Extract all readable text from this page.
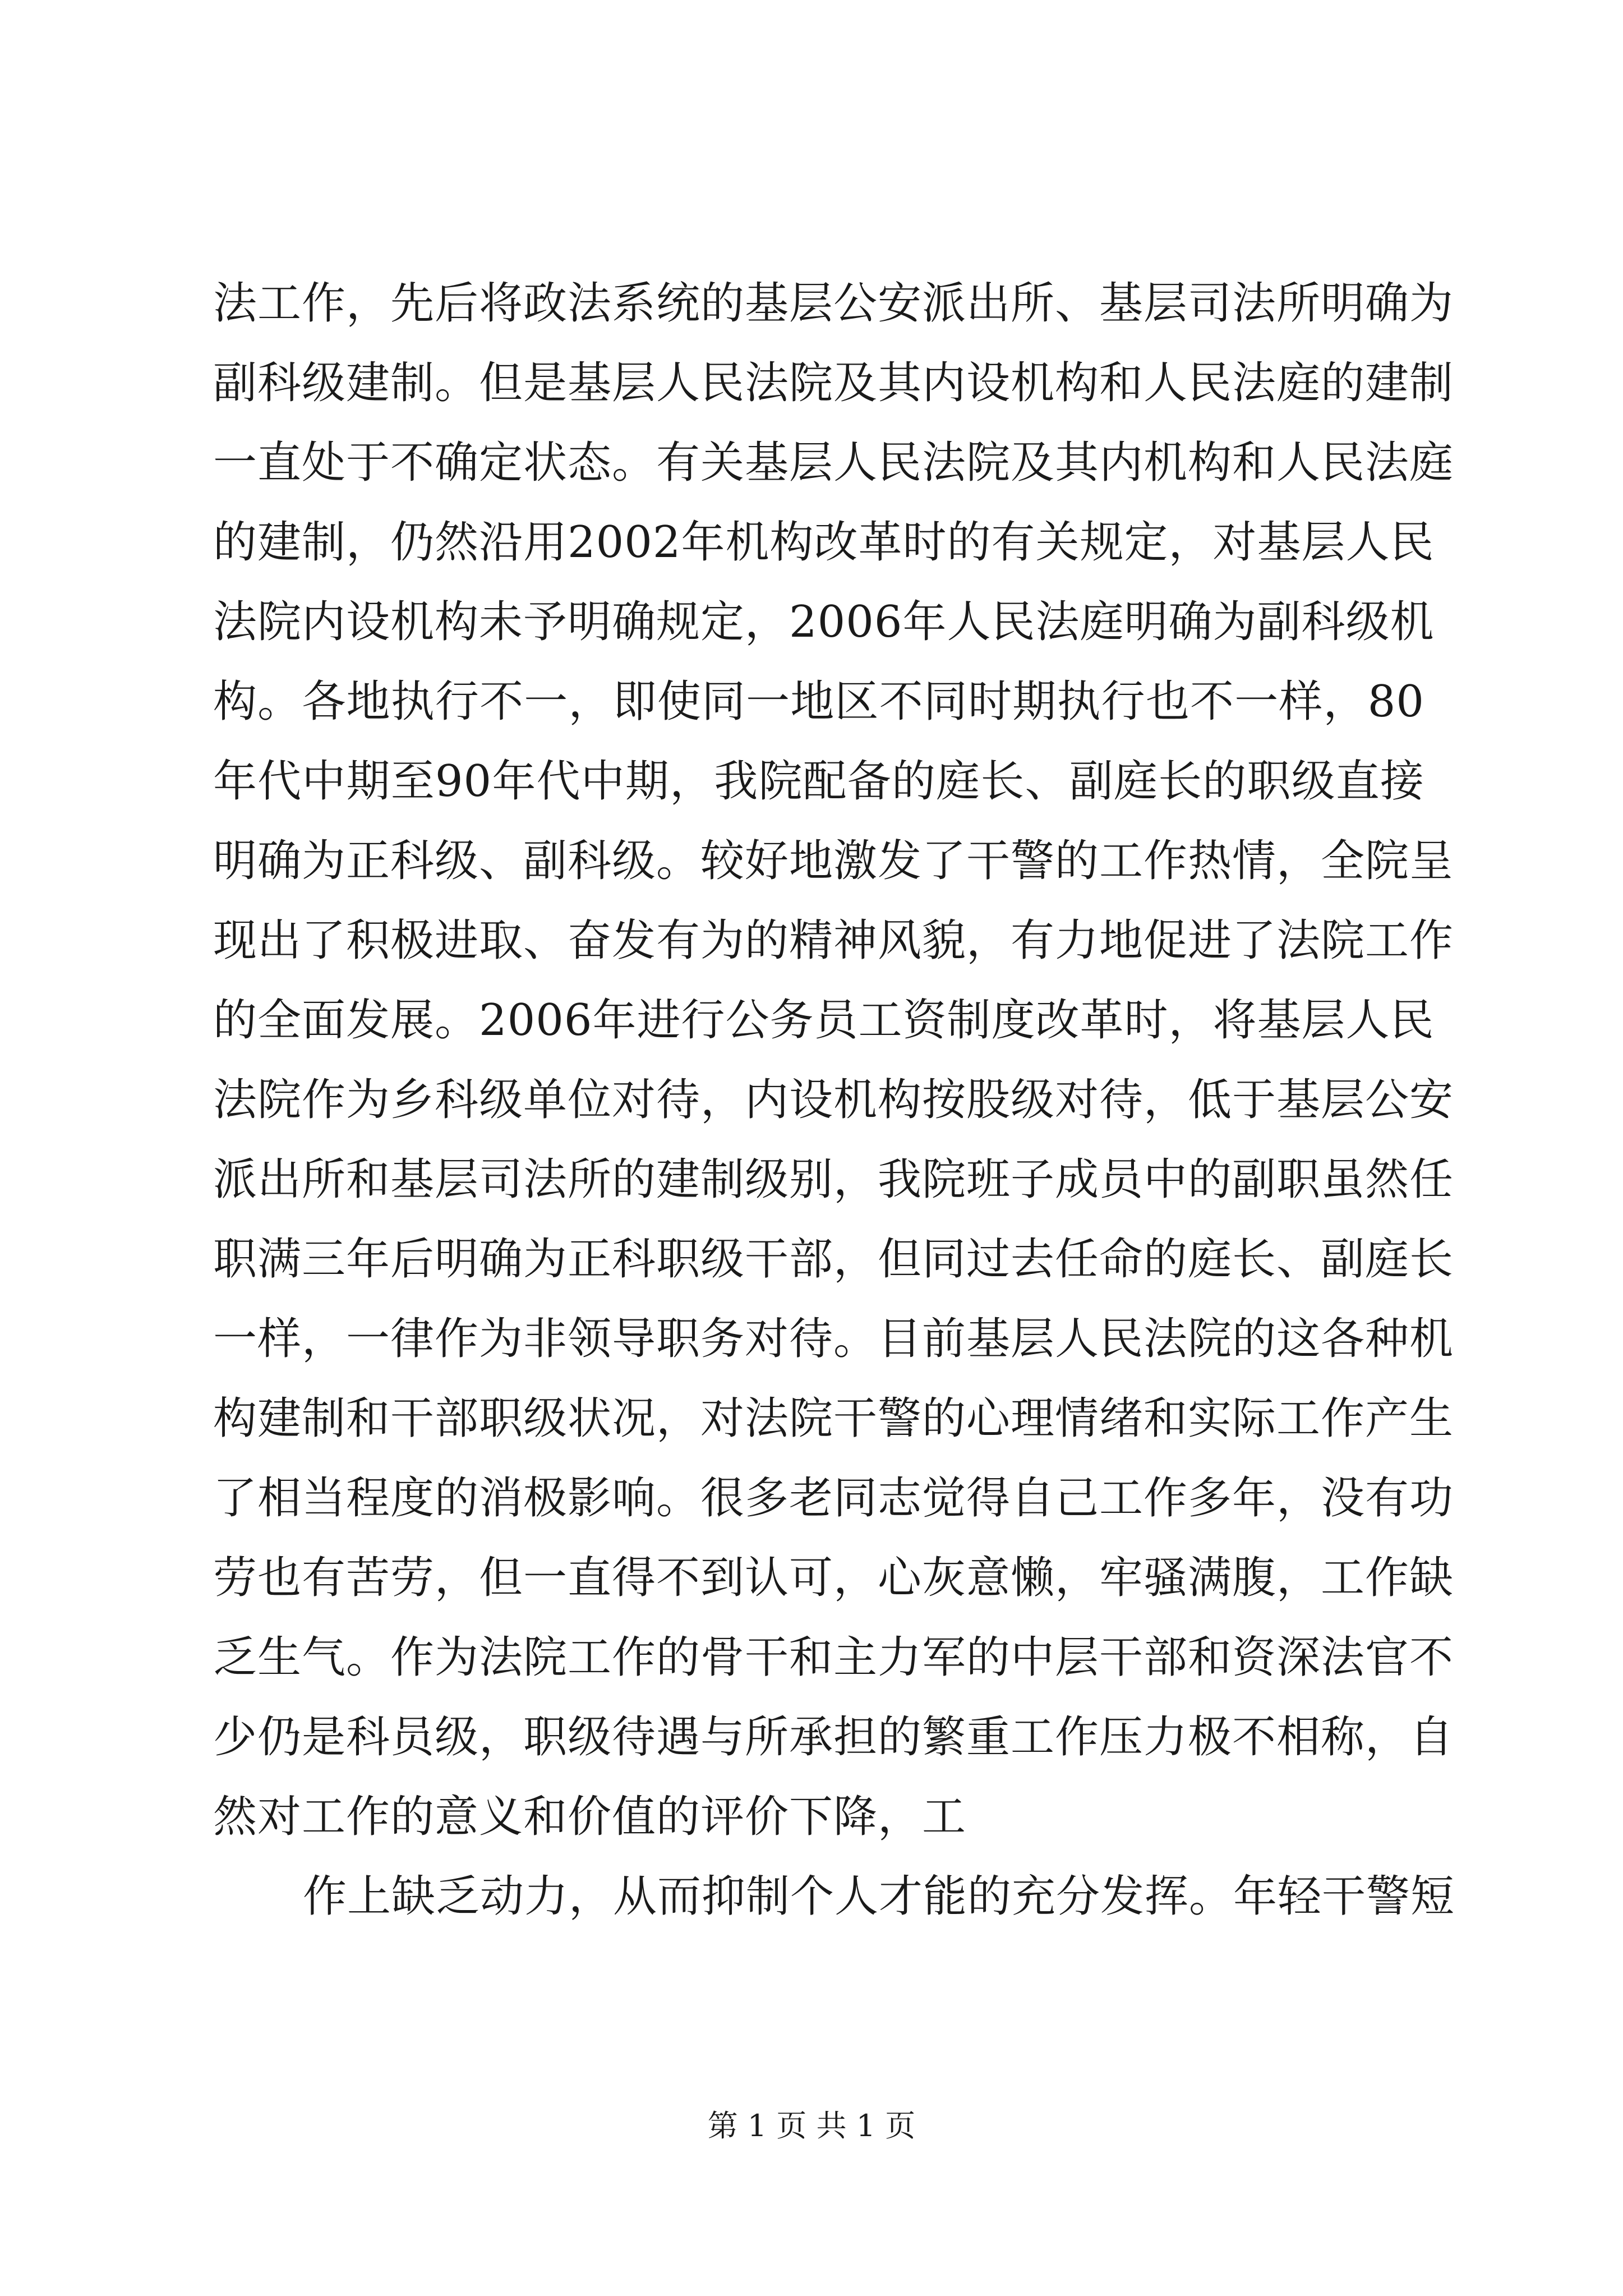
法工作，先后将政法系统的基层公安派出所、基层司法所明确为
副科级建制。但是基层人民法院及其内设机构和人民法庭的建制
一直处于不确定状态。有关基层人民法院及其内机构和人民法庭
的建制，仍然沿用2002年机构改革时的有关规定，对基层人民
法院内设机构未予明确规定，2006年人民法庭明确为副科级机
构。各地执行不一，即使同一地区不同时期执行也不一样，80
年代中期至90年代中期，我院配备的庭长、副庭长的职级直接
明确为正科级、副科级。较好地激发了干警的工作热情，全院呈
现出了积极进取、奋发有为的精神风貌，有力地促进了法院工作
的全面发展。2006年进行公务员工资制度改革时，将基层人民
法院作为乡科级单位对待，内设机构按股级对待，低于基层公安
派出所和基层司法所的建制级别，我院班子成员中的副职虽然任
职满三年后明确为正科职级干部，但同过去任命的庭长、副庭长
一样，一律作为非领导职务对待。目前基层人民法院的这各种机
构建制和干部职级状况，对法院干警的心理情绪和实际工作产生
了相当程度的消极影响。很多老同志觉得自己工作多年，没有功
劳也有苦劳，但一直得不到认可，心灰意懒，牢骚满腹，工作缺
乏生气。作为法院工作的骨干和主力军的中层干部和资深法官不
少仍是科员级，职级待遇与所承担的繁重工作压力极不相称，自
然对工作的意义和价值的评价下降，工
作上缺乏动力，从而抑制个人才能的充分发挥。年轻干警短
第 1 页 共 1 页
